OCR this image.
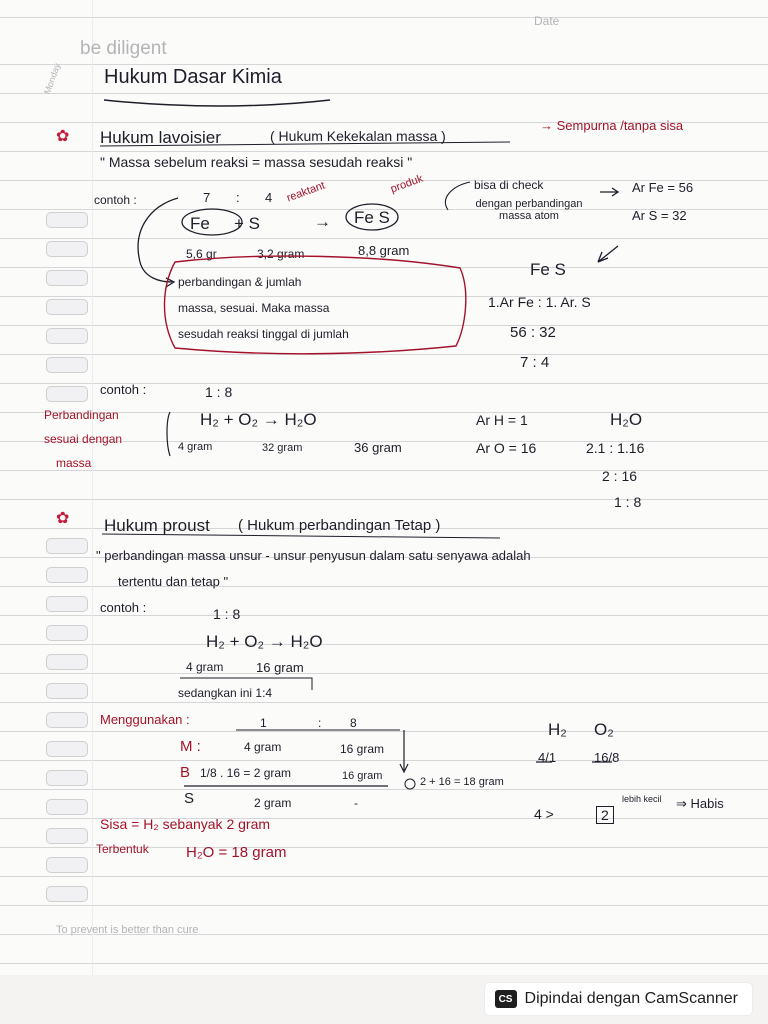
Date
be diligent
Monday Hukum Dasar Kimia
✿ Hukum lavoisier	( Hukum Kekekalan massa )
→ Sempurna /tanpa sisa
" Massa sebelum reaksi = massa sesudah reaksi "
contoh :	7 : 4 reaktant	produk	bisa di check
dengan perbandingan massa atom
Fe + S	→ Fe S
5,6 gr	3,2 gram	8,8 gram
perbandingan & jumlah
massa, sesuai. Maka massa
sesudah reaksi tinggal di jumlah
Ar Fe = 56
Ar S = 32
Fe S
1.Ar Fe : 1. Ar. S
56 : 32
7 : 4
contoh :	1 : 8
Perbandingan
sesuai dengan
massa
H₂ + O₂ → H₂O
4 gram	32 gram	36 gram
Ar H = 1
Ar O = 16
H₂O
2.1 : 1.16
2 : 16
1 : 8
✿ Hukum proust ( Hukum perbandingan Tetap )
" perbandingan massa unsur - unsur penyusun dalam satu senyawa adalah
tertentu dan tetap "
contoh :	1 : 8
H₂ + O₂ → H₂O
4 gram	16 gram
sedangkan ini 1:4
Menggunakan :	1	: 8
M :	4 gram	16 gram
B 1/8 . 16 = 2 gram	16 gram	2 + 16 = 18 gram
S	2 gram	-
H₂ O₂
4/1	16/8
4 >	2
lebih kecil ⇒ Habis
Sisa = H₂ sebanyak 2 gram
Terbentuk H₂O = 18 gram
To prevent is better than cure
CS Dipindai dengan CamScanner
